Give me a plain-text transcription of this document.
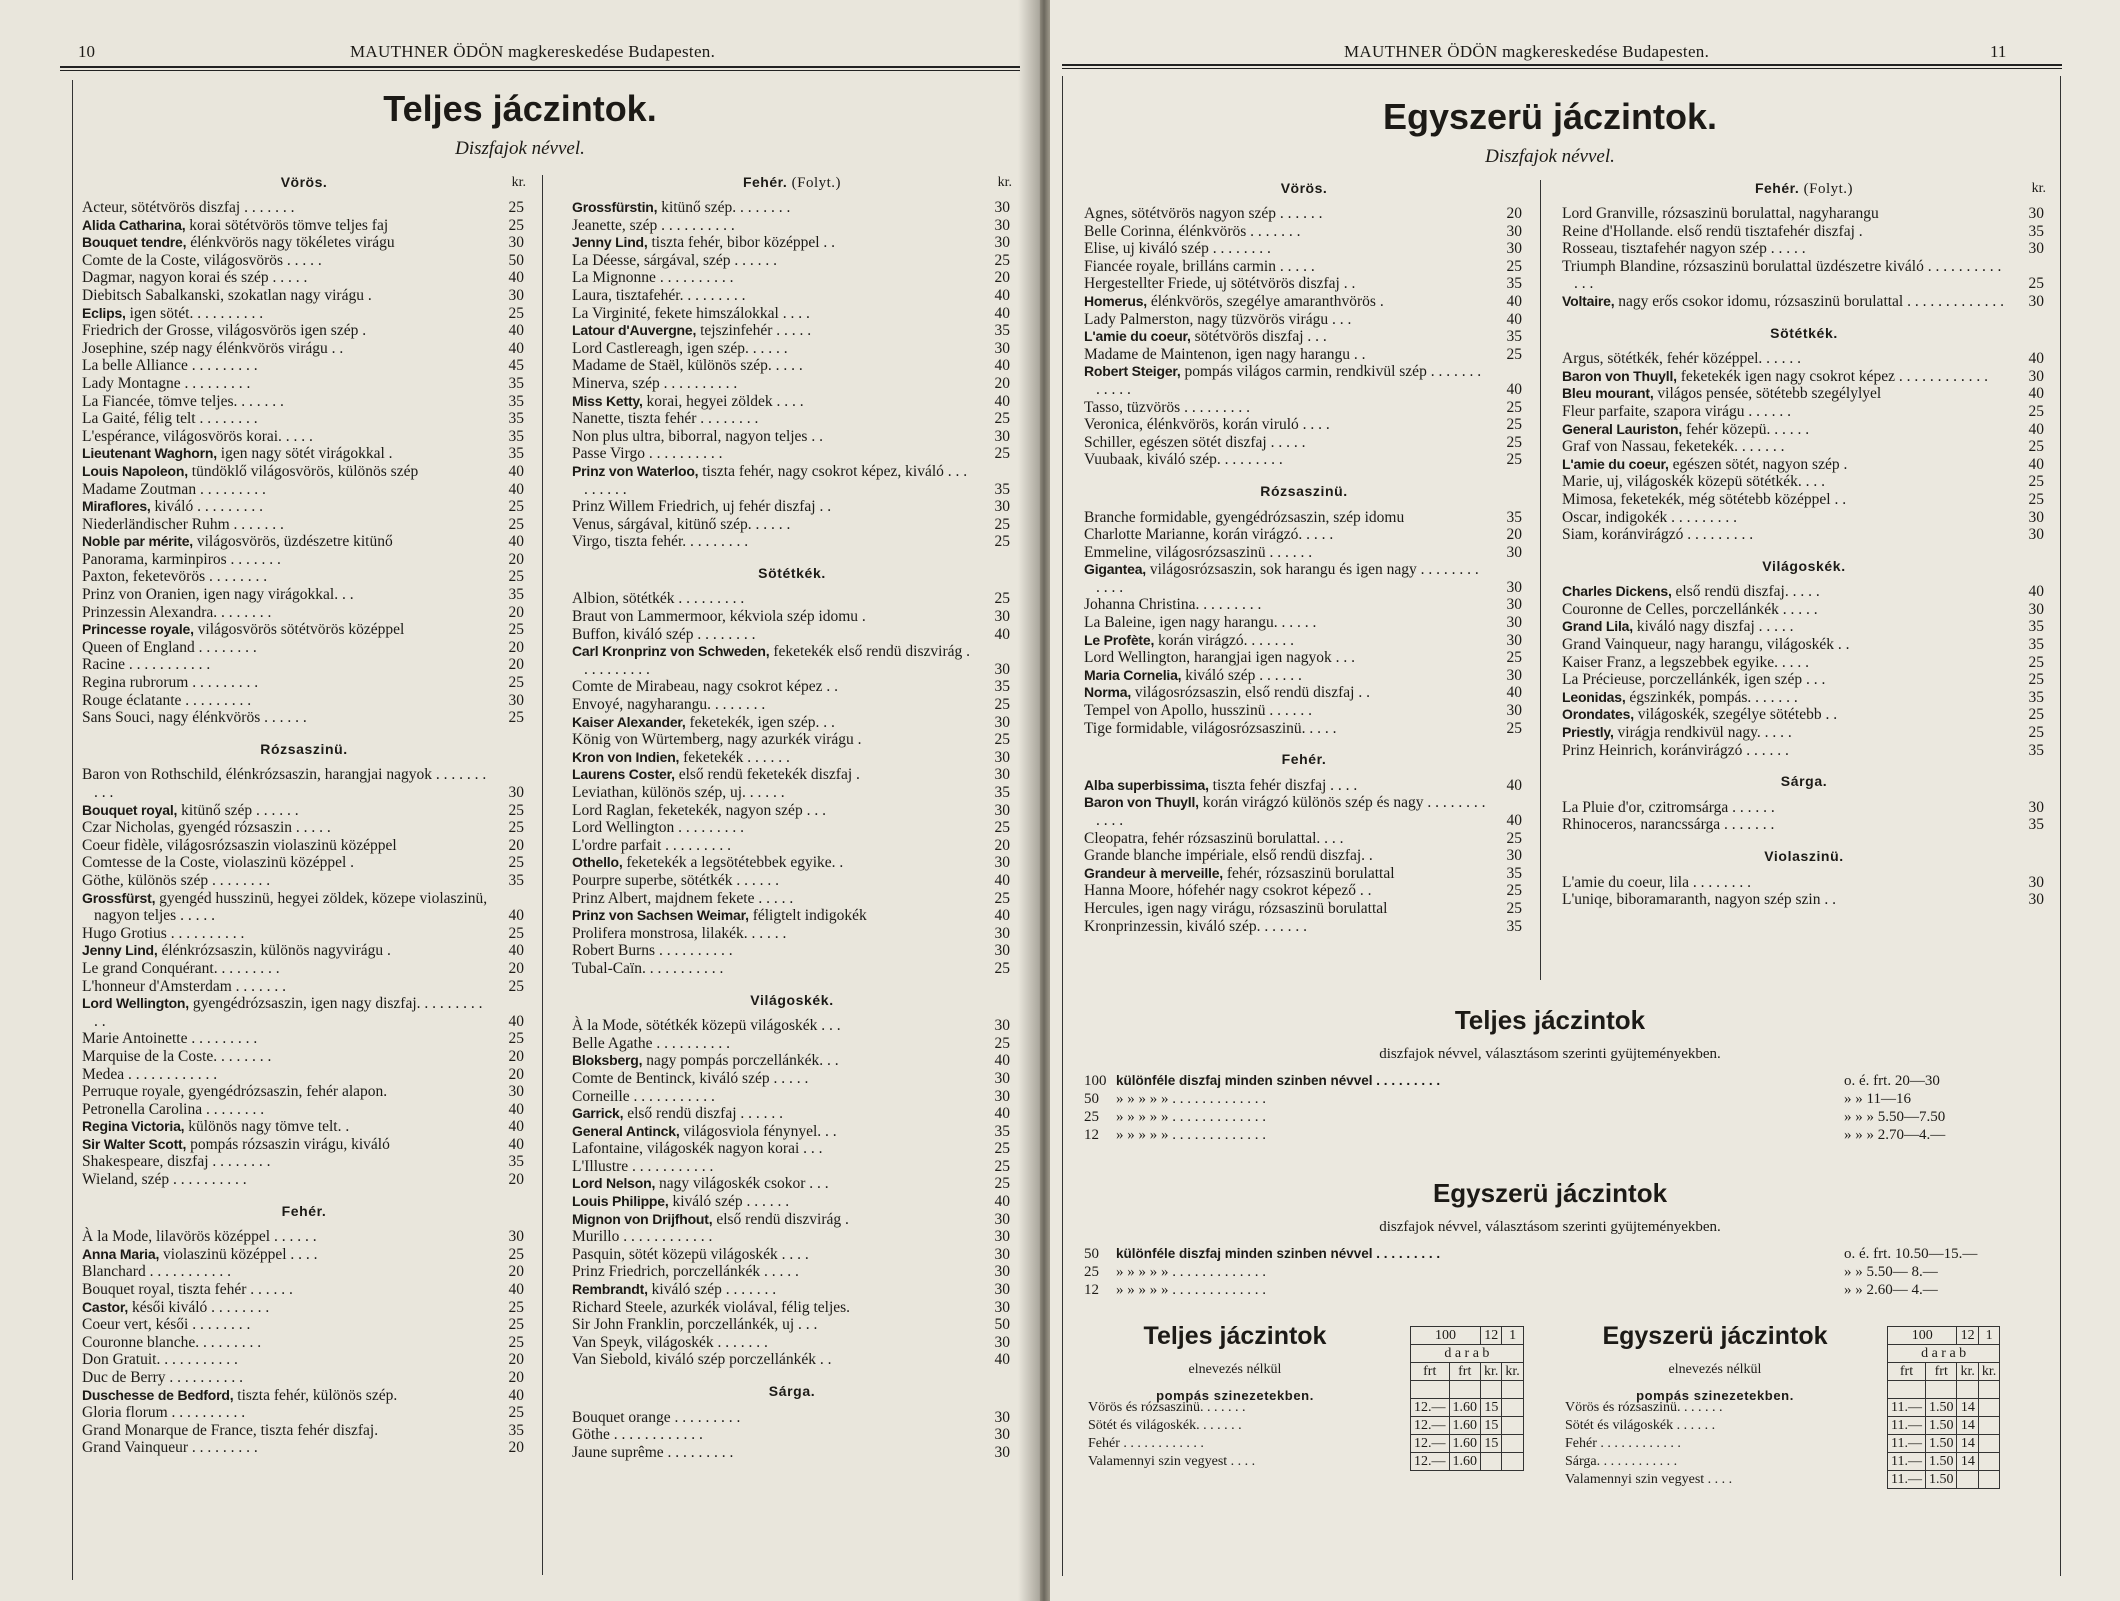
10	MAUTHNER ÖDÖN magkereskedése Budapesten.
Teljes jáczintok.
Diszfajok névvel.
Vörös.	kr.
Acteur, sötétvörös diszfaj . . . . . . .	25
Alida Catharina, korai sötétvörös tömve teljes faj	25
Bouquet tendre, élénkvörös nagy tökéletes virágu	30
Comte de la Coste, világosvörös . . . . .	50
Dagmar, nagyon korai és szép . . . . .	40
Diebitsch Sabalkanski, szokatlan nagy virágu .	30
Eclips, igen sötét. . . . . . . . . .	25
Friedrich der Grosse, világosvörös igen szép .	40
Josephine, szép nagy élénkvörös virágu . .	40
La belle Alliance . . . . . . . . .	45
Lady Montagne . . . . . . . . .	35
La Fiancée, tömve teljes. . . . . . .	35
La Gaité, félig telt . . . . . . . .	35
L'espérance, világosvörös korai. . . . .	35
Lieutenant Waghorn, igen nagy sötét virágokkal .	35
Louis Napoleon, tündöklő világosvörös, különös szép	40
Madame Zoutman . . . . . . . . .	40
Miraflores, kiváló . . . . . . . . .	25
Niederländischer Ruhm . . . . . . .	25
Noble par mérite, világosvörös, üzdészetre kitünő	40
Panorama, karminpiros . . . . . . .	20
Paxton, feketevörös . . . . . . . .	25
Prinz von Oranien, igen nagy virágokkal. . .	35
Prinzessin Alexandra. . . . . . . .	20
Princesse royale, világosvörös sötétvörös középpel	25
Queen of England . . . . . . . .	20
Racine . . . . . . . . . . .	20
Regina rubrorum . . . . . . . . .	25
Rouge éclatante . . . . . . . . .	30
Sans Souci, nagy élénkvörös . . . . . .	25
Rózsaszinü.
Baron von Rothschild, élénkrózsaszin, harangjai nagyok . . . . . . . . . .	30
Bouquet royal, kitünő szép . . . . . .	25
Czar Nicholas, gyengéd rózsaszin . . . . .	25
Coeur fidèle, világosrózsaszin violaszinü középpel	20
Comtesse de la Coste, violaszinü középpel .	25
Göthe, különös szép . . . . . . . .	35
Grossfürst, gyengéd husszinü, hegyei zöldek, közepe violaszinü, nagyon teljes . . . . .	40
Hugo Grotius . . . . . . . . . .	25
Jenny Lind, élénkrózsaszin, különös nagyvirágu .	40
Le grand Conquérant. . . . . . . . .	20
L'honneur d'Amsterdam . . . . . . .	25
Lord Wellington, gyengédrózsaszin, igen nagy diszfaj. . . . . . . . . . .	40
Marie Antoinette . . . . . . . . .	25
Marquise de la Coste. . . . . . . .	20
Medea . . . . . . . . . . . .	20
Perruque royale, gyengédrózsaszin, fehér alapon.	30
Petronella Carolina . . . . . . . .	40
Regina Victoria, különös nagy tömve telt. .	40
Sir Walter Scott, pompás rózsaszin virágu, kiváló	40
Shakespeare, diszfaj . . . . . . . .	35
Wieland, szép . . . . . . . . . .	20
Fehér.
À la Mode, lilavörös középpel . . . . . .	30
Anna Maria, violaszinü középpel . . . .	25
Blanchard . . . . . . . . . . .	20
Bouquet royal, tiszta fehér . . . . . .	40
Castor, késői kiváló . . . . . . . .	25
Coeur vert, késői . . . . . . . .	25
Couronne blanche. . . . . . . . .	25
Don Gratuit. . . . . . . . . . .	20
Duc de Berry . . . . . . . . . .	20
Duschesse de Bedford, tiszta fehér, különös szép.	40
Gloria florum . . . . . . . . . .	25
Grand Monarque de France, tiszta fehér diszfaj.	35
Grand Vainqueur . . . . . . . . .	20
Fehér. (Folyt.)	kr.
Grossfürstin, kitünő szép. . . . . . . .	30
Jeanette, szép . . . . . . . . . .	30
Jenny Lind, tiszta fehér, bibor középpel . .	30
La Déesse, sárgával, szép . . . . . .	25
La Mignonne . . . . . . . . . .	20
Laura, tisztafehér. . . . . . . . .	40
La Virginité, fekete himszálokkal . . . .	40
Latour d'Auvergne, tejszinfehér . . . . .	35
Lord Castlereagh, igen szép. . . . . .	30
Madame de Staël, különös szép. . . . .	40
Minerva, szép . . . . . . . . . .	20
Miss Ketty, korai, hegyei zöldek . . . .	40
Nanette, tiszta fehér . . . . . . . .	25
Non plus ultra, biborral, nagyon teljes . .	30
Passe Virgo . . . . . . . . . .	25
Prinz von Waterloo, tiszta fehér, nagy csokrot képez, kiváló . . . . . . . . .	35
Prinz Willem Friedrich, uj fehér diszfaj . .	30
Venus, sárgával, kitünő szép. . . . . .	25
Virgo, tiszta fehér. . . . . . . . .	25
Sötétkék.
Albion, sötétkék . . . . . . . . .	25
Braut von Lammermoor, kékviola szép idomu .	30
Buffon, kiváló szép . . . . . . . .	40
Carl Kronprinz von Schweden, feketekék első rendü diszvirág . . . . . . . . . .	30
Comte de Mirabeau, nagy csokrot képez . .	35
Envoyé, nagyharangu. . . . . . . .	25
Kaiser Alexander, feketekék, igen szép. . .	30
König von Würtemberg, nagy azurkék virágu .	25
Kron von Indien, feketekék . . . . . .	30
Laurens Coster, első rendü feketekék diszfaj .	30
Leviathan, különös szép, uj. . . . . .	35
Lord Raglan, feketekék, nagyon szép . . .	30
Lord Wellington . . . . . . . . .	25
L'ordre parfait . . . . . . . . .	20
Othello, feketekék a legsötétebbek egyike. .	30
Pourpre superbe, sötétkék . . . . . .	40
Prinz Albert, majdnem fekete . . . . .	25
Prinz von Sachsen Weimar, féligtelt indigokék	40
Prolifera monstrosa, lilakék. . . . . .	30
Robert Burns . . . . . . . . . .	30
Tubal-Caïn. . . . . . . . . . .	25
Világoskék.
À la Mode, sötétkék közepü világoskék . . .	30
Belle Agathe . . . . . . . . . .	25
Bloksberg, nagy pompás porczellánkék. . .	40
Comte de Bentinck, kiváló szép . . . . .	30
Corneille . . . . . . . . . . .	30
Garrick, első rendü diszfaj . . . . . .	40
General Antinck, világosviola fénynyel. . .	35
Lafontaine, világoskék nagyon korai . . .	25
L'Illustre . . . . . . . . . . .	25
Lord Nelson, nagy világoskék csokor . . .	25
Louis Philippe, kiváló szép . . . . . .	40
Mignon von Drijfhout, első rendü diszvirág .	30
Murillo . . . . . . . . . . . .	30
Pasquin, sötét közepü világoskék . . . .	30
Prinz Friedrich, porczellánkék . . . . .	30
Rembrandt, kiváló szép . . . . . . .	30
Richard Steele, azurkék violával, félig teljes.	30
Sir John Franklin, porczellánkék, uj . . .	50
Van Speyk, világoskék . . . . . . .	30
Van Siebold, kiváló szép porczellánkék . .	40
Sárga.
Bouquet orange . . . . . . . . .	30
Göthe . . . . . . . . . . . .	30
Jaune suprême . . . . . . . . .	30
MAUTHNER ÖDÖN magkereskedése Budapesten.	11
Egyszerü jáczintok.
Diszfajok névvel.
Vörös.
Agnes, sötétvörös nagyon szép . . . . . .	20
Belle Corinna, élénkvörös . . . . . . .	30
Elise, uj kiváló szép . . . . . . . .	30
Fiancée royale, brilláns carmin . . . . .	25
Hergestellter Friede, uj sötétvörös diszfaj . .	35
Homerus, élénkvörös, szegélye amaranthvörös .	40
Lady Palmerston, nagy tüzvörös virágu . . .	40
L'amie du coeur, sötétvörös diszfaj . . .	35
Madame de Maintenon, igen nagy harangu . .	25
Robert Steiger, pompás világos carmin, rendkivül szép . . . . . . . . . . . .	40
Tasso, tüzvörös . . . . . . . . .	25
Veronica, élénkvörös, korán viruló . . . .	25
Schiller, egészen sötét diszfaj . . . . .	25
Vuubaak, kiváló szép. . . . . . . . .	25
Rózsaszinü.
Branche formidable, gyengédrózsaszin, szép idomu	35
Charlotte Marianne, korán virágzó. . . . .	20
Emmeline, világosrózsaszinü . . . . . .	30
Gigantea, világosrózsaszin, sok harangu és igen nagy . . . . . . . . . . . .	30
Johanna Christina. . . . . . . . .	30
La Baleine, igen nagy harangu. . . . . .	30
Le Profète, korán virágzó. . . . . . .	30
Lord Wellington, harangjai igen nagyok . . .	25
Maria Cornelia, kiváló szép . . . . . .	30
Norma, világosrózsaszin, első rendü diszfaj . .	40
Tempel von Apollo, husszinü . . . . . .	30
Tige formidable, világosrózsaszinü. . . . .	25
Fehér.
Alba superbissima, tiszta fehér diszfaj . . . .	40
Baron von Thuyll, korán virágzó különös szép és nagy . . . . . . . . . . . .	40
Cleopatra, fehér rózsaszinü borulattal. . . .	25
Grande blanche impériale, első rendü diszfaj. .	30
Grandeur à merveille, fehér, rózsaszinü borulattal	35
Hanna Moore, hófehér nagy csokrot képező . .	25
Hercules, igen nagy virágu, rózsaszinü borulattal	25
Kronprinzessin, kiváló szép. . . . . . .	35
Fehér. (Folyt.)	kr.
Lord Granville, rózsaszinü borulattal, nagyharangu	30
Reine d'Hollande. első rendü tisztafehér diszfaj .	35
Rosseau, tisztafehér nagyon szép . . . . .	30
Triumph Blandine, rózsaszinü borulattal üzdészetre kiváló . . . . . . . . . . . . .	25
Voltaire, nagy erős csokor idomu, rózsaszinü borulattal . . . . . . . . . . . . . 30
Sötétkék.
Argus, sötétkék, fehér középpel. . . . . .	40
Baron von Thuyll, feketekék igen nagy csokrot képez . . . . . . . . . . . .	30
Bleu mourant, világos pensée, sötétebb szegélylyel	40
Fleur parfaite, szapora virágu . . . . . .	25
General Lauriston, fehér közepü. . . . . .	40
Graf von Nassau, feketekék. . . . . . .	25
L'amie du coeur, egészen sötét, nagyon szép .	40
Marie, uj, világoskék közepü sötétkék. . . .	25
Mimosa, feketekék, még sötétebb középpel . .	25
Oscar, indigokék . . . . . . . . .	30
Siam, koránvirágzó . . . . . . . . .	30
Világoskék.
Charles Dickens, első rendü diszfaj. . . . .	40
Couronne de Celles, porczellánkék . . . . .	30
Grand Lila, kiváló nagy diszfaj . . . . .	35
Grand Vainqueur, nagy harangu, világoskék . .	35
Kaiser Franz, a legszebbek egyike. . . . .	25
La Précieuse, porczellánkék, igen szép . . .	25
Leonidas, égszinkék, pompás. . . . . . .	35
Orondates, világoskék, szegélye sötétebb . .	25
Priestly, virágja rendkivül nagy. . . . .	25
Prinz Heinrich, koránvirágzó . . . . . .	35
Sárga.
La Pluie d'or, czitromsárga . . . . . .	30
Rhinoceros, narancssárga . . . . . . .	35
Violaszinü.
L'amie du coeur, lila . . . . . . . .	30
L'uniqe, biboramaranth, nagyon szép szin . .	30
Teljes jáczintok
diszfajok névvel, választásom szerinti gyüjteményekben.
100 különféle diszfaj minden szinben névvel . . . . . . . . .	o. é. frt. 20—30
50 » » » » » . . . . . . . . . . . . .	» » 11—16
25 » » » » » . . . . . . . . . . . . .	» » » 5.50—7.50
12 » » » » » . . . . . . . . . . . . .	» » » 2.70—4.—
Egyszerü jáczintok
diszfajok névvel, választásom szerinti gyüjteményekben.
50 különféle diszfaj minden szinben névvel . . . . . . . . .	o. é. frt. 10.50—15.—
25 » » » » » . . . . . . . . . . . . .	» » 5.50— 8.—
12 » » » » » . . . . . . . . . . . . .	» » 2.60— 4.—
Teljes jáczintok
elnevezés nélkül
pompás szinezetekben.
	100		12	1
	d a r a b			
	frt	frt	kr.	kr.

Vörös és rózsaszinü. . . . . . .	12.—	1.60	15	
Sötét és világoskék. . . . . . .	12.—	1.60	15	
Fehér . . . . . . . . . . . .	12.—	1.60	15	
Valamennyi szin vegyest . . . .	12.—	1.60		
Egyszerü jáczintok
elnevezés nélkül
pompás szinezetekben.
	100		12	1
	d a r a b			
	frt	frt	kr.	kr.

Vörös és rózsaszinü. . . . . . .	11.—	1.50	14	
Sötét és világoskék . . . . . .	11.—	1.50	14	
Fehér . . . . . . . . . . . .	11.—	1.50	14	
Sárga. . . . . . . . . . . .	11.—	1.50	14	
Valamennyi szin vegyest . . . .	11.—	1.50		
